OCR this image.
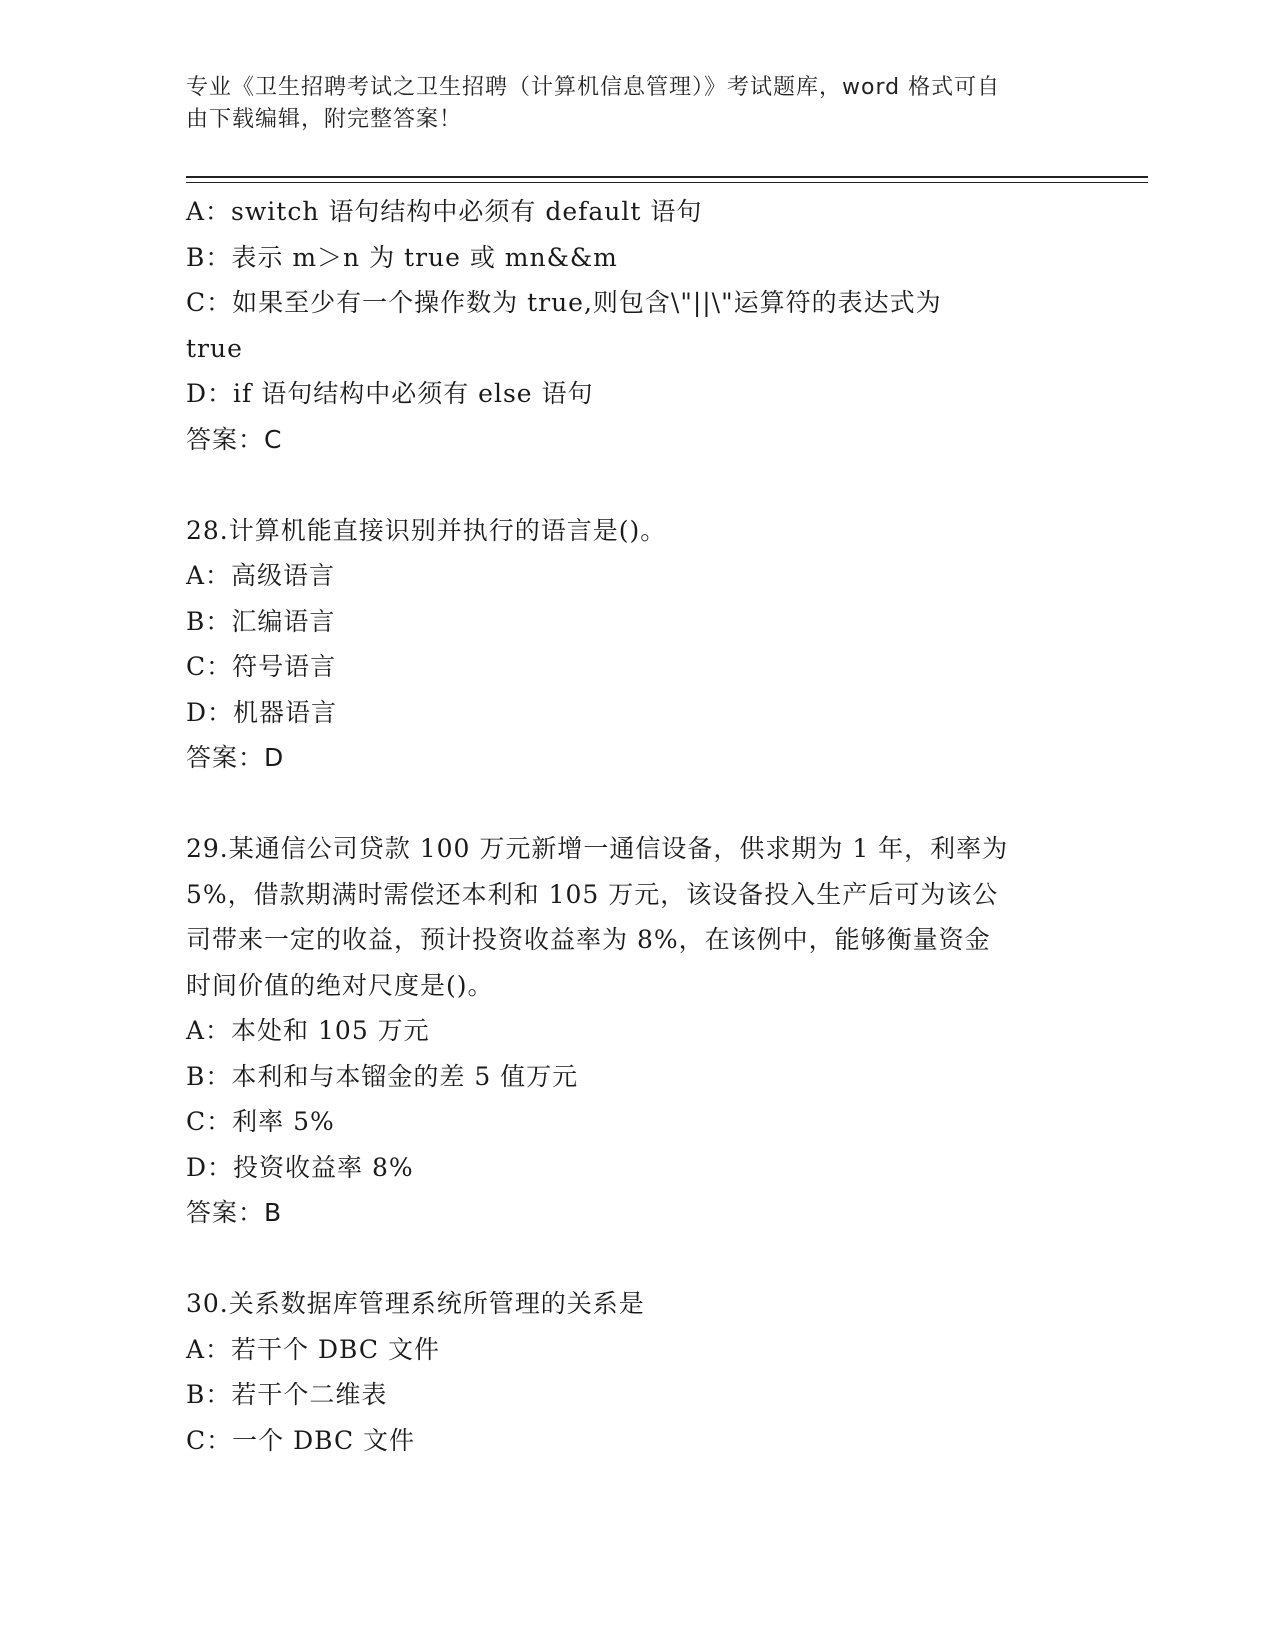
专业《卫生招聘考试之卫生招聘（计算机信息管理）》考试题库，word 格式可自
由下载编辑，附完整答案！

A：switch 语句结构中必须有 default 语句

B：表示 m＞n 为 true 或 mn&&m

C：如果至少有一个操作数为 true,则包含\"||\"运算符的表达式为

true

D：if 语句结构中必须有 else 语句

答案：C

28.计算机能直接识别并执行的语言是()。

A：高级语言

B：汇编语言

C：符号语言

D：机器语言

答案：D

29.某通信公司贷款 100 万元新增一通信设备，供求期为 1 年，利率为

5%，借款期满时需偿还本利和 105 万元，该设备投入生产后可为该公

司带来一定的收益，预计投资收益率为 8%，在该例中，能够衡量资金

时间价值的绝对尺度是()。

A：本处和 105 万元

B：本利和与本镏金的差 5 值万元

C：利率 5%

D：投资收益率 8%

答案：B

30.关系数据库管理系统所管理的关系是

A：若干个 DBC 文件

B：若干个二维表

C：一个 DBC 文件
